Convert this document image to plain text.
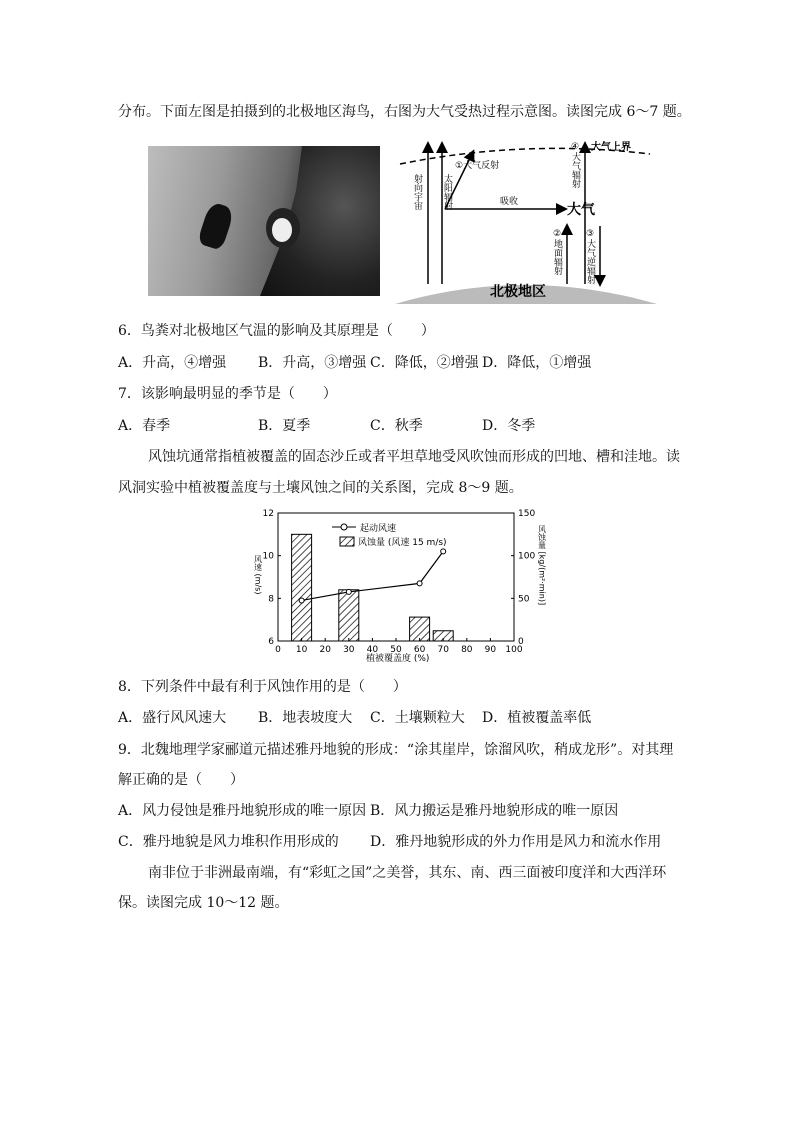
分布。下面左图是拍摄到的北极地区海鸟，右图为大气受热过程示意图。读图完成 6～7 题。
大气上界
北极地区
射向宇宙 太阳辐射
①大气反射
吸收	大气
④大气辐射
②地面辐射	③大气逆辐射
6．鸟粪对北极地区气温的影响及其原理是（　　）
A．升高，④增强 B．升高，③增强 C．降低，②增强 D．降低，①增强
7．该影响最明显的季节是（　　）
A．春季	B．夏季	C．秋季	D．冬季
风蚀坑通常指植被覆盖的固态沙丘或者平坦草地受风吹蚀而形成的凹地、槽和洼地。读
风洞实验中植被覆盖度与土壤风蚀之间的关系图，完成 8～9 题。
0 10 20 30 40 50 60 70 80 90 100
6
8
10
12
0
50
100
150
起动风速
风蚀量 (风速 15 m/s)
植被覆盖度 (%)
风速 (m/s)	风蚀量 [kg/(m²·min)]
8．下列条件中最有利于风蚀作用的是（　　）
A．盛行风风速大 B．地表坡度大 C．土壤颗粒大 D．植被覆盖率低
9．北魏地理学家郦道元描述雅丹地貌的形成：“涂其崖岸，馀溜风吹，稍成龙形”。对其理
解正确的是（　　）
A．风力侵蚀是雅丹地貌形成的唯一原因 B．风力搬运是雅丹地貌形成的唯一原因
C．雅丹地貌是风力堆积作用形成的 D．雅丹地貌形成的外力作用是风力和流水作用
南非位于非洲最南端，有“彩虹之国”之美誉，其东、南、西三面被印度洋和大西洋环
保。读图完成 10～12 题。
